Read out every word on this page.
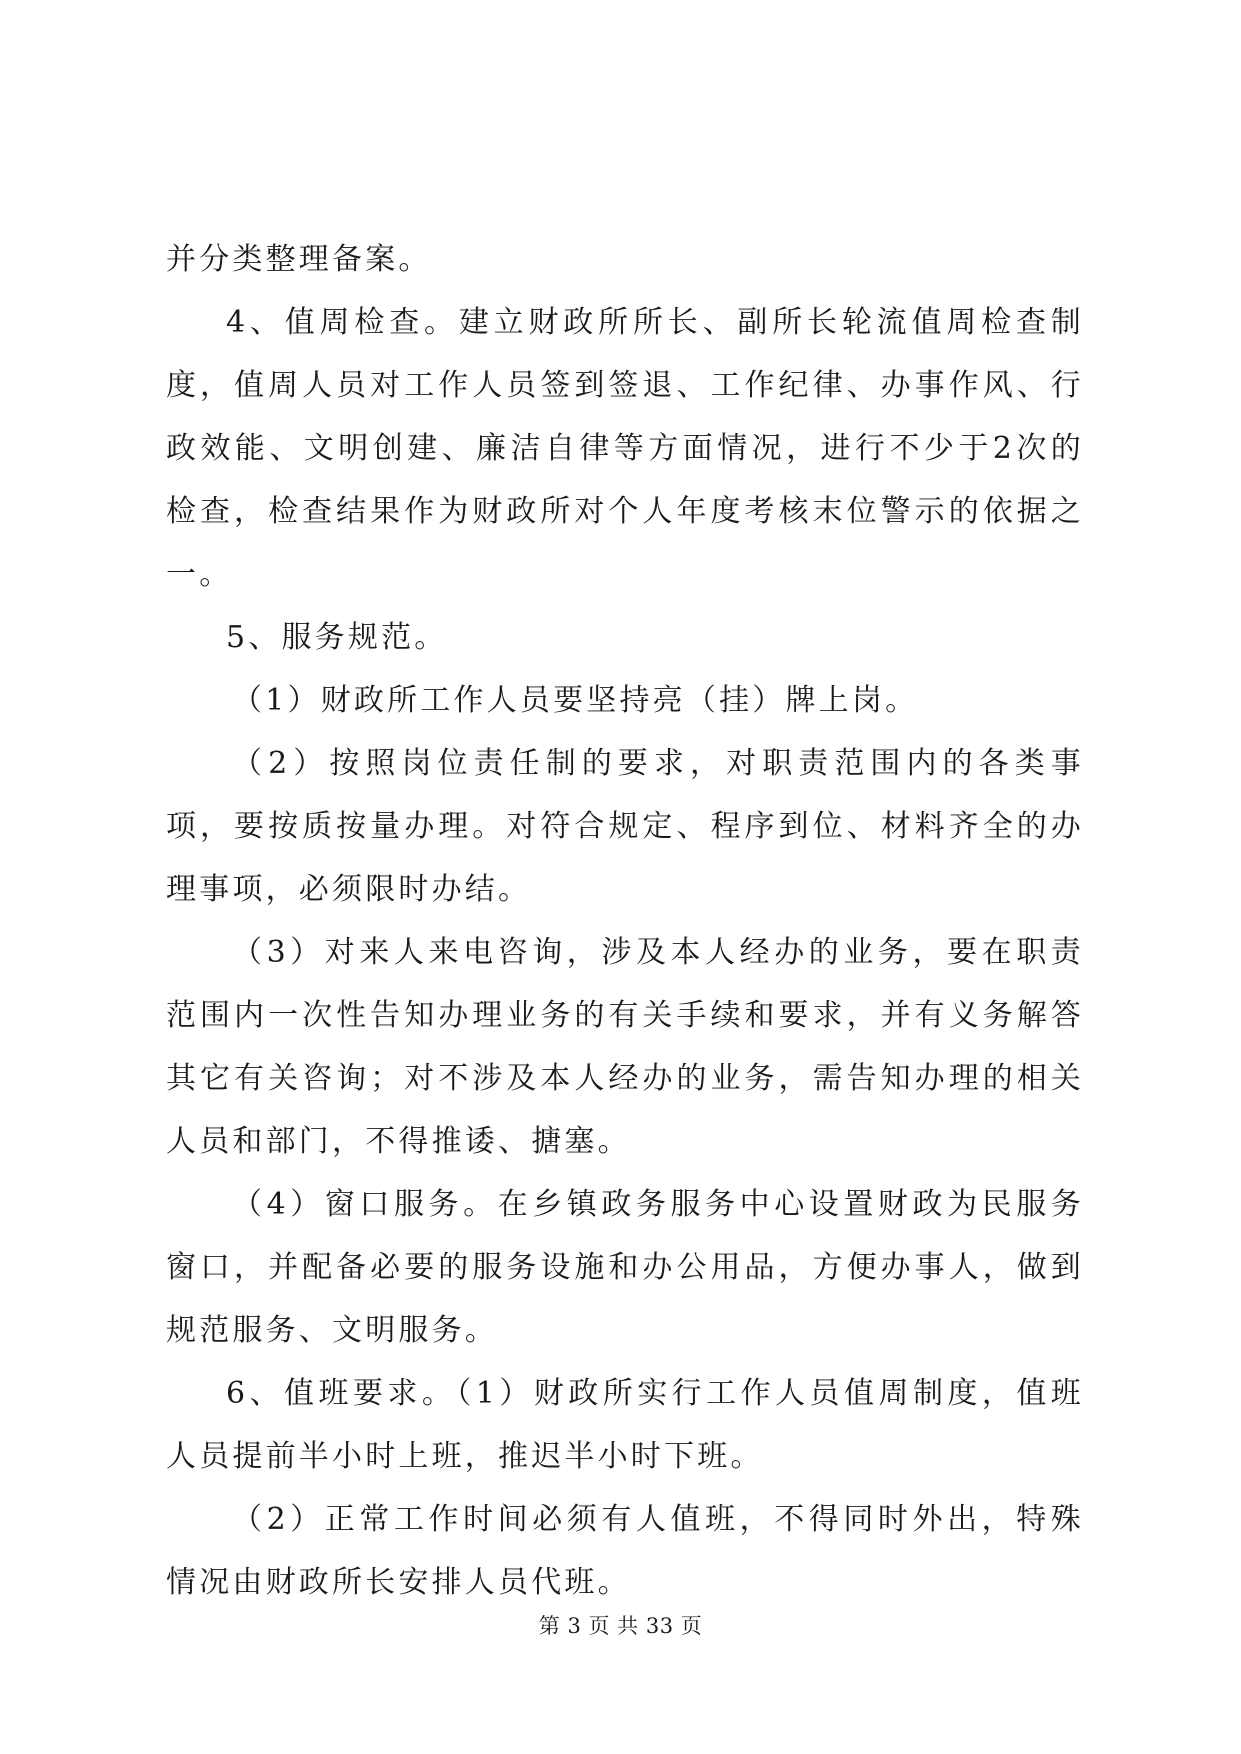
并分类整理备案。

4、值周检查。建立财政所所长、副所长轮流值周检查制度，值周人员对工作人员签到签退、工作纪律、办事作风、行政效能、文明创建、廉洁自律等方面情况，进行不少于2次的检查，检查结果作为财政所对个人年度考核末位警示的依据之一。

5、服务规范。

（1）财政所工作人员要坚持亮（挂）牌上岗。

（2）按照岗位责任制的要求，对职责范围内的各类事项，要按质按量办理。对符合规定、程序到位、材料齐全的办理事项，必须限时办结。

（3）对来人来电咨询，涉及本人经办的业务，要在职责范围内一次性告知办理业务的有关手续和要求，并有义务解答其它有关咨询；对不涉及本人经办的业务，需告知办理的相关人员和部门，不得推诿、搪塞。

（4）窗口服务。在乡镇政务服务中心设置财政为民服务窗口，并配备必要的服务设施和办公用品，方便办事人，做到规范服务、文明服务。

6、值班要求。（1）财政所实行工作人员值周制度，值班人员提前半小时上班，推迟半小时下班。

（2）正常工作时间必须有人值班，不得同时外出，特殊情况由财政所长安排人员代班。

第 3 页 共 33 页
